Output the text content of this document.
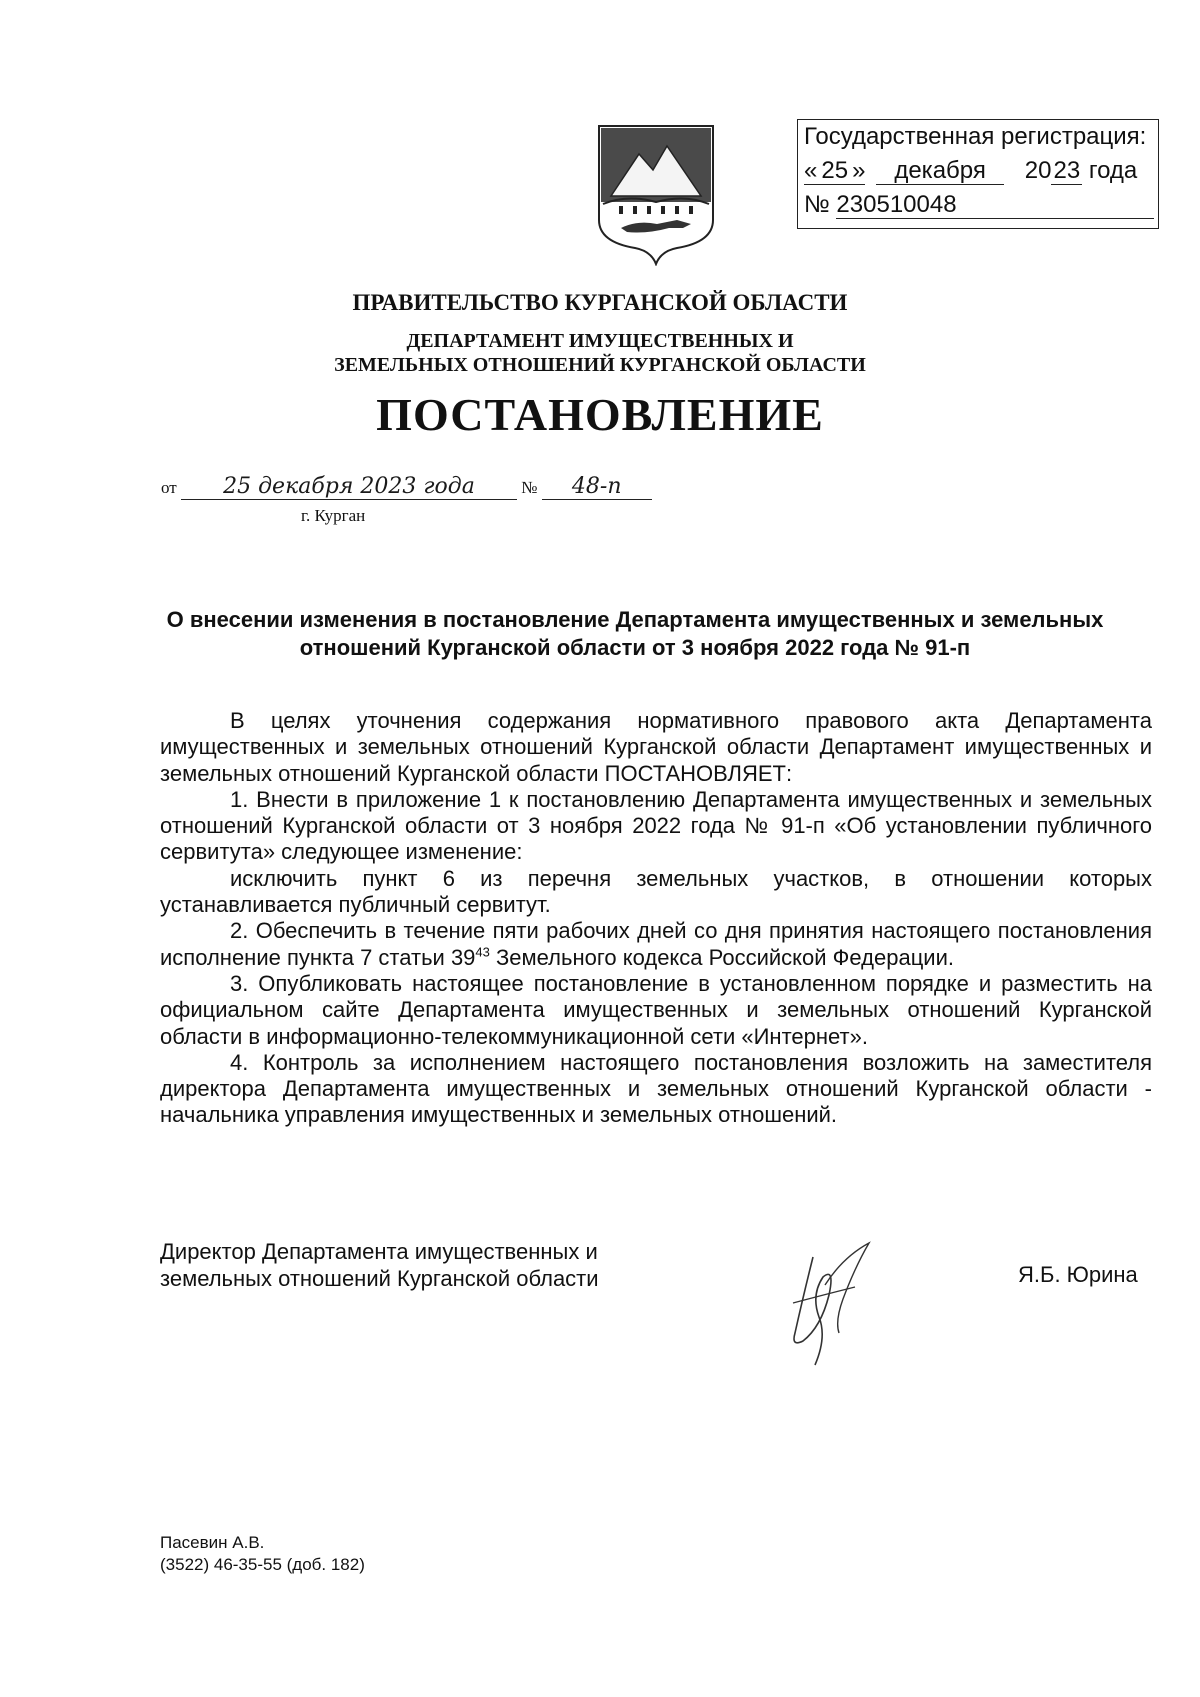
Государственная регистрация:
« 25 » декабря 2023 года
№ 230510048
ПРАВИТЕЛЬСТВО КУРГАНСКОЙ ОБЛАСТИ
ДЕПАРТАМЕНТ ИМУЩЕСТВЕННЫХ И
ЗЕМЕЛЬНЫХ ОТНОШЕНИЙ КУРГАНСКОЙ ОБЛАСТИ
ПОСТАНОВЛЕНИЕ
от 25 декабря 2023 года	№ 48-п
г. Курган
О внесении изменения в постановление Департамента имущественных и земельных отношений Курганской области от 3 ноября 2022 года № 91-п

В целях уточнения содержания нормативного правового акта Департамента имущественных и земельных отношений Курганской области Департамент имущественных и земельных отношений Курганской области ПОСТАНОВЛЯЕТ:

1. Внести в приложение 1 к постановлению Департамента имущественных и земельных отношений Курганской области от 3 ноября 2022 года № 91-п «Об установлении публичного сервитута» следующее изменение:

исключить пункт 6 из перечня земельных участков, в отношении которых устанавливается публичный сервитут.

2. Обеспечить в течение пяти рабочих дней со дня принятия настоящего постановления исполнение пункта 7 статьи $39^{43}$ Земельного кодекса Российской Федерации.

3. Опубликовать настоящее постановление в установленном порядке и разместить на официальном сайте Департамента имущественных и земельных отношений Курганской области в информационно-телекоммуникационной сети «Интернет».

4. Контроль за исполнением настоящего постановления возложить на заместителя директора Департамента имущественных и земельных отношений Курганской области - начальника управления имущественных и земельных отношений.

Директор Департамента имущественных и
земельных отношений Курганской области	Я.Б. Юрина
Пасевин А.В.
(3522) 46-35-55 (доб. 182)
